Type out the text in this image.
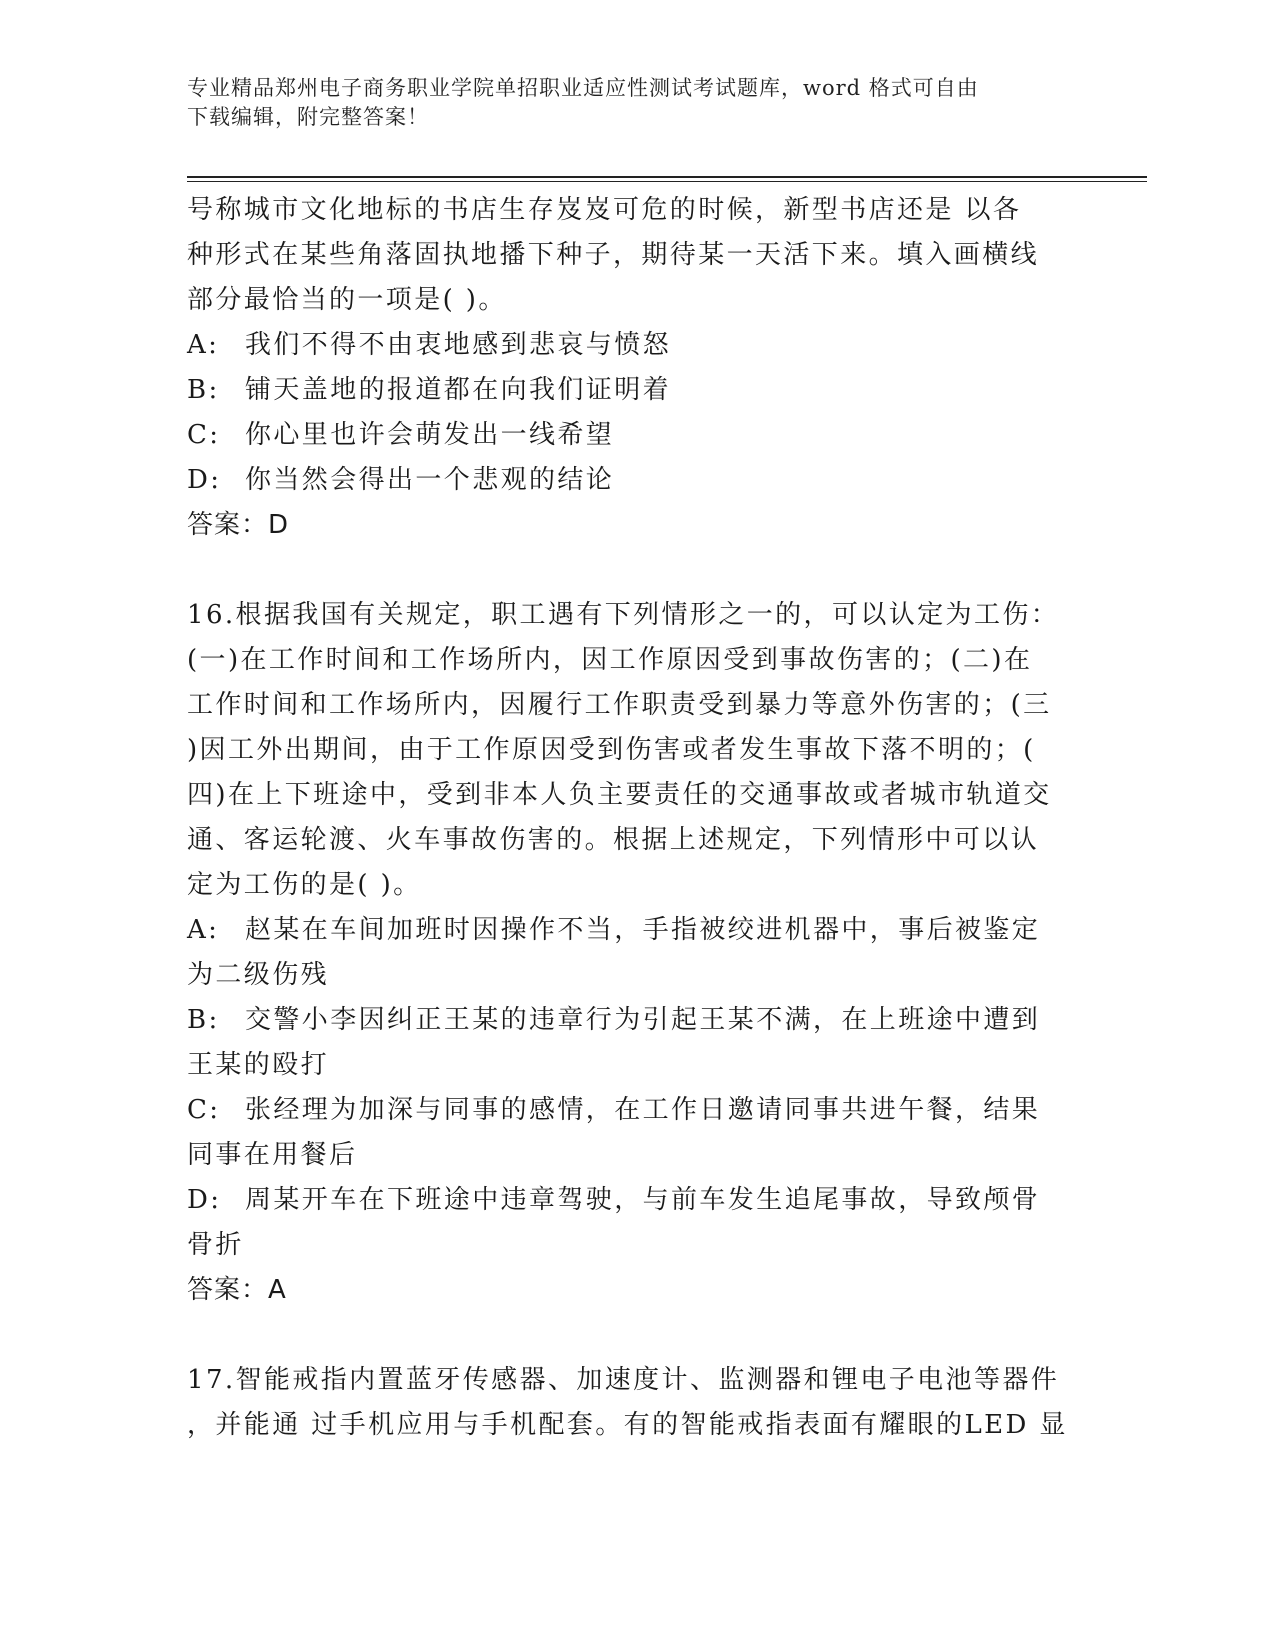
专业精品郑州电子商务职业学院单招职业适应性测试考试题库，word 格式可自由
下载编辑，附完整答案！

号称城市文化地标的书店生存岌岌可危的时候，新型书店还是 以各

种形式在某些角落固执地播下种子，期待某一天活下来。填入画横线

部分最恰当的一项是( )。

A: 我们不得不由衷地感到悲哀与愤怒

B: 铺天盖地的报道都在向我们证明着

C: 你心里也许会萌发出一线希望

D: 你当然会得出一个悲观的结论

答案：D

16.根据我国有关规定，职工遇有下列情形之一的，可以认定为工伤：

(一)在工作时间和工作场所内，因工作原因受到事故伤害的；(二)在

工作时间和工作场所内，因履行工作职责受到暴力等意外伤害的；(三

)因工外出期间，由于工作原因受到伤害或者发生事故下落不明的；(

四)在上下班途中，受到非本人负主要责任的交通事故或者城市轨道交

通、客运轮渡、火车事故伤害的。根据上述规定，下列情形中可以认

定为工伤的是( )。

A: 赵某在车间加班时因操作不当，手指被绞进机器中，事后被鉴定

为二级伤残

B: 交警小李因纠正王某的违章行为引起王某不满，在上班途中遭到

王某的殴打

C: 张经理为加深与同事的感情，在工作日邀请同事共进午餐，结果

同事在用餐后

D: 周某开车在下班途中违章驾驶，与前车发生追尾事故，导致颅骨

骨折

答案：A

17.智能戒指内置蓝牙传感器、加速度计、监测器和锂电子电池等器件

，并能通 过手机应用与手机配套。有的智能戒指表面有耀眼的LED 显
